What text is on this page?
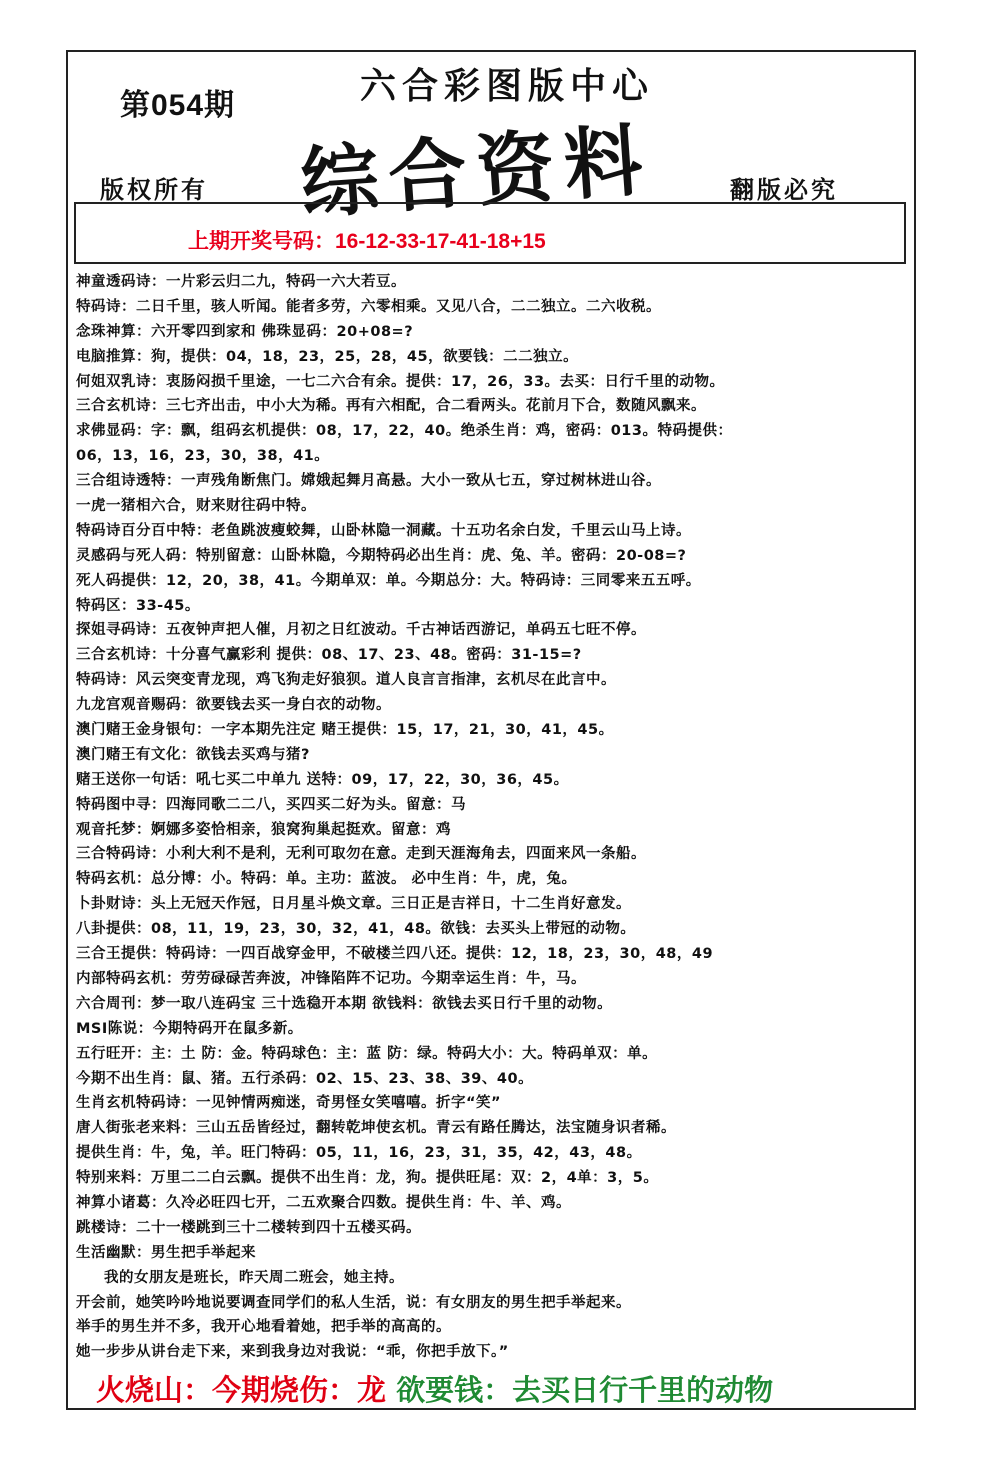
第054期	六合彩图版中心
综合资料
版权所有	翻版必究
上期开奖号码：16-12-33-17-41-18+15
神童透码诗：一片彩云归二九，特码一六大若豆。
特码诗：二日千里，骇人听闻。能者多劳，六零相乘。又见八合，二二独立。二六收税。
念珠神算：六开零四到家和 佛珠显码：20+08=?
电脑推算：狗，提供：04，18，23，25，28，45，欲要钱：二二独立。
何姐双乳诗：衷肠闷损千里途，一七二六合有余。提供：17，26，33。去买：日行千里的动物。
三合玄机诗：三七齐出击，中小大为稀。再有六相配，合二看两头。花前月下合，数随风飘来。
求佛显码：字：飘，组码玄机提供：08，17，22，40。绝杀生肖：鸡，密码：013。特码提供：
06，13，16，23，30，38，41。
三合组诗透特：一声残角断焦门。嫦娥起舞月高悬。大小一致从七五，穿过树林进山谷。
一虎一猪相六合，财来财往码中特。
特码诗百分百中特：老鱼跳波瘦蛟舞，山卧林隐一洞藏。十五功名余白发，千里云山马上诗。
灵感码与死人码：特别留意：山卧林隐，今期特码必出生肖：虎、兔、羊。密码：20-08=?
死人码提供：12，20，38，41。今期单双：单。今期总分：大。特码诗：三同零来五五呼。
特码区：33-45。
探姐寻码诗：五夜钟声把人催，月初之日红波动。千古神话西游记，单码五七旺不停。
三合玄机诗：十分喜气赢彩利 提供：08、17、23、48。密码：31-15=?
特码诗：风云突变青龙现，鸡飞狗走好狼狈。道人良言言指津，玄机尽在此言中。
九龙宫观音赐码：欲要钱去买一身白衣的动物。
澳门赌王金身银句：一字本期先注定 赌王提供：15，17，21，30，41，45。
澳门赌王有文化：欲钱去买鸡与猪?
赌王送你一句话：吼七买二中单九 送特：09，17，22，30，36，45。
特码图中寻：四海同歌二二八，买四买二好为头。留意：马
观音托梦：婀娜多姿恰相亲，狼窝狗巢起挺欢。留意：鸡
三合特码诗：小利大利不是利，无利可取勿在意。走到天涯海角去，四面来风一条船。
特码玄机：总分博：小。特码：单。主功：蓝波。 必中生肖：牛，虎，兔。
卜卦财诗：头上无冠天作冠，日月星斗焕文章。三日正是吉祥日，十二生肖好意发。
八卦提供：08，11，19，23，30，32，41，48。欲钱：去买头上带冠的动物。
三合王提供：特码诗：一四百战穿金甲，不破楼兰四八还。提供：12，18，23，30，48，49
内部特码玄机：劳劳碌碌苦奔波，冲锋陷阵不记功。今期幸运生肖：牛，马。
六合周刊：梦一取八连码宝 三十选稳开本期 欲钱料：欲钱去买日行千里的动物。
MSI陈说：今期特码开在鼠多新。
五行旺开：主：土 防：金。特码球色：主：蓝 防：绿。特码大小：大。特码单双：单。
今期不出生肖：鼠、猪。五行杀码：02、15、23、38、39、40。
生肖玄机特码诗：一见钟情两痴迷，奇男怪女笑嘻嘻。折字“笑”
唐人街张老来料：三山五岳皆经过，翻转乾坤使玄机。青云有路任腾达，法宝随身识者稀。
提供生肖：牛，兔，羊。旺门特码：05，11，16，23，31，35，42，43，48。
特别来料：万里二二白云飘。提供不出生肖：龙，狗。提供旺尾：双：2，4单：3，5。
神算小诸葛：久冷必旺四七开，二五欢聚合四数。提供生肖：牛、羊、鸡。
跳楼诗：二十一楼跳到三十二楼转到四十五楼买码。
生活幽默：男生把手举起来
我的女朋友是班长，昨天周二班会，她主持。
开会前，她笑吟吟地说要调查同学们的私人生活，说：有女朋友的男生把手举起来。
举手的男生并不多，我开心地看着她，把手举的高高的。
她一步步从讲台走下来，来到我身边对我说：“乖，你把手放下。”
火烧山：今期烧伤：龙 欲要钱：去买日行千里的动物
